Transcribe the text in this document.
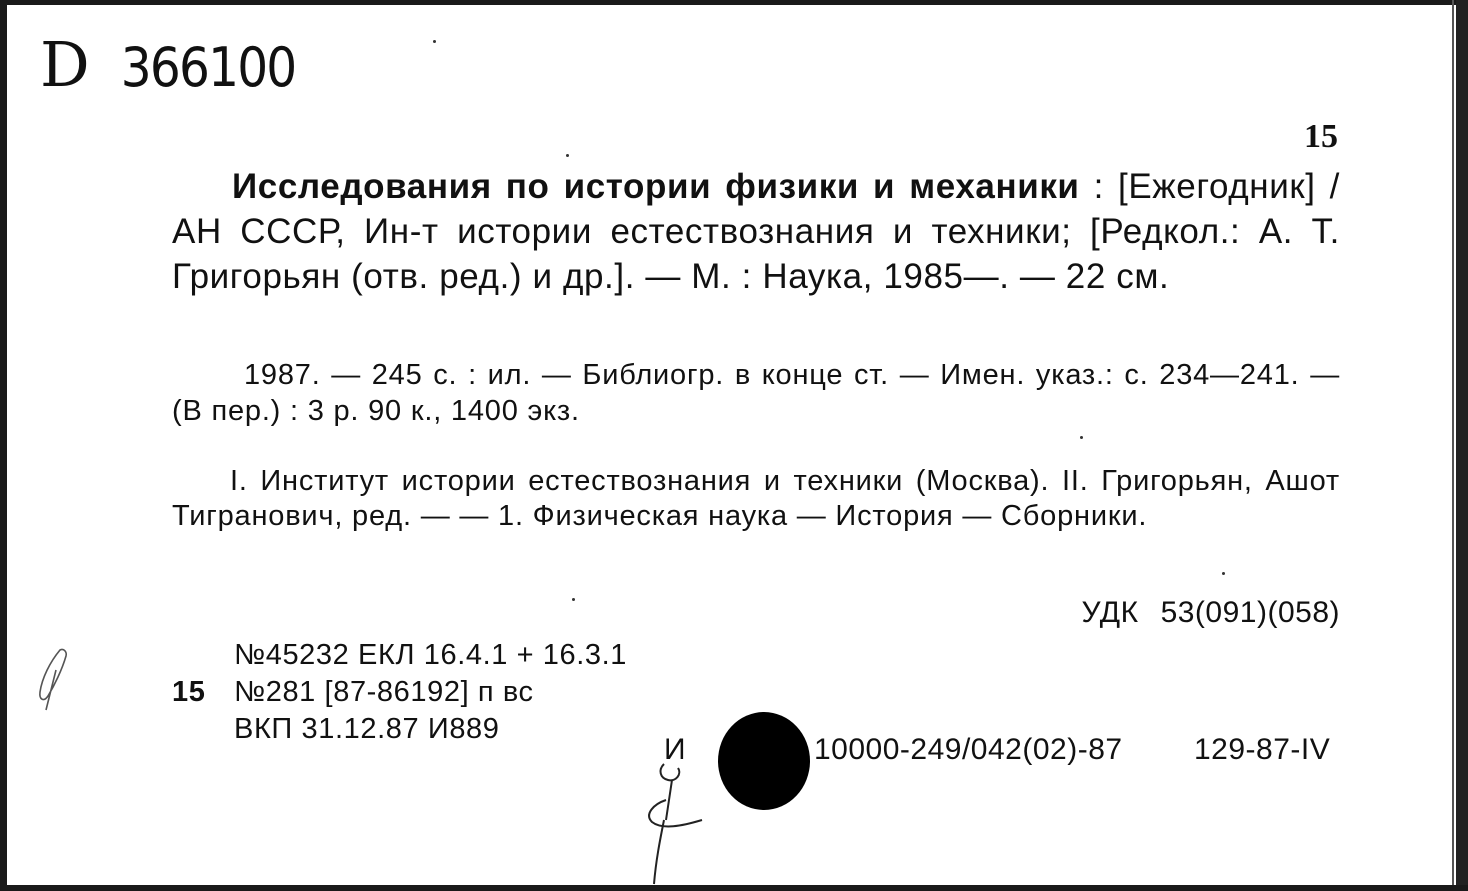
D 366100
15
Исследования по истории физики и механики : [Ежегодник] / АН СССР, Ин-т истории естествознания и техники; [Редкол.: А. Т. Григорьян (отв. ред.) и др.]. — М. : Наука, 1985—. — 22 см.
1987. — 245 с. : ил. — Библиогр. в конце ст. — Имен. указ.: с. 234—241. — (В пер.) : 3 р. 90 к., 1400 экз.
I. Институт истории естествознания и техники (Москва). II. Григорьян, Ашот Тигранович, ред. — — 1. Физическая наука — История — Сборники.
УДК 53(091)(058)
№45232 ЕКЛ 16.4.1 + 16.3.1
15 №281 [87-86192] п вс
ВКП 31.12.87 И889
И	10000-249/042(02)-87 129-87-IV
